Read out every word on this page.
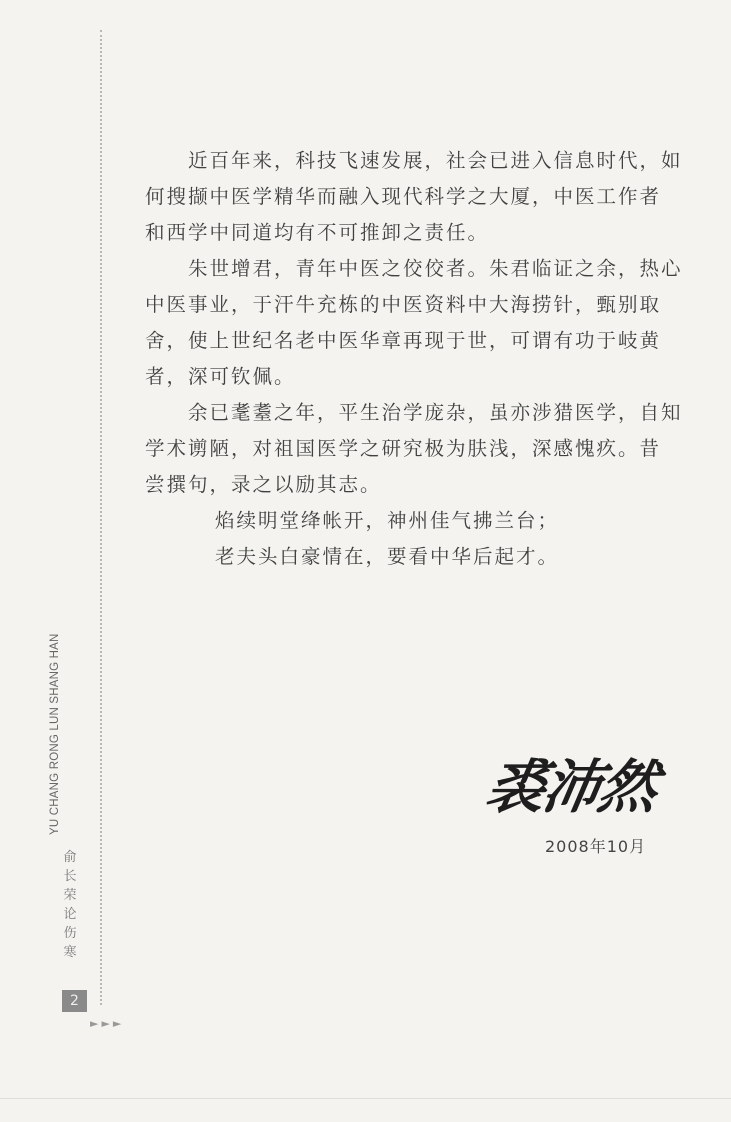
　　近百年来，科技飞速发展，社会已进入信息时代，如
何搜撷中医学精华而融入现代科学之大厦，中医工作者
和西学中同道均有不可推卸之责任。
　　朱世增君，青年中医之佼佼者。朱君临证之余，热心
中医事业，于汗牛充栋的中医资料中大海捞针，甄别取
舍，使上世纪名老中医华章再现于世，可谓有功于岐黄
者，深可钦佩。
　　余已耄耋之年，平生治学庞杂，虽亦涉猎医学，自知
学术谫陋，对祖国医学之研究极为肤浅，深感愧疚。昔
尝撰句，录之以励其志。
焰续明堂绛帐开，神州佳气拂兰台；
老夫头白豪情在，要看中华后起才。
裘沛然
2008年10月
YU CHANG RONG LUN SHANG HAN
俞长荣论伤寒
2
►►►
